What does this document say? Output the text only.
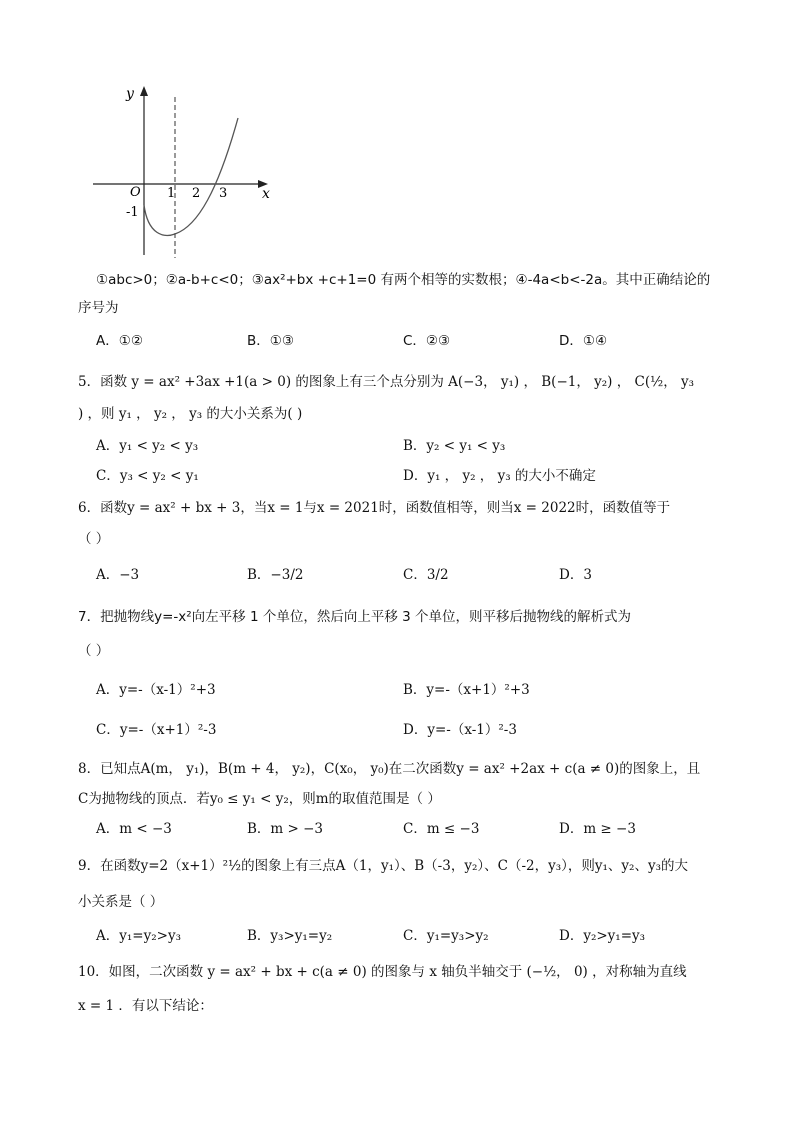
y
x
O 1 2 3
-1
①abc>0；②a-b+c<0；③ax²+bx +c+1=0 有两个相等的实数根；④-4a<b<-2a。其中正确结论的
序号为
A．①②	B．①③	C．②③	D．①④
5．函数 y = ax² +3ax +1(a > 0) 的图象上有三个点分别为 A(−3， y₁) ， B(−1， y₂) ， C(½， y₃
) ，则 y₁ ， y₂ ， y₃ 的大小关系为( )
A．y₁ < y₂ < y₃	B．y₂ < y₁ < y₃
C．y₃ < y₂ < y₁	D．y₁ ， y₂ ， y₃ 的大小不确定
6．函数y = ax² + bx + 3，当x = 1与x = 2021时，函数值相等，则当x = 2022时，函数值等于
（ ）
A．−3	B．−3/2	C．3/2	D．3
7．把抛物线y=-x²向左平移 1 个单位，然后向上平移 3 个单位，则平移后抛物线的解析式为
（ ）
A．y=-（x-1）²+3	B．y=-（x+1）²+3
C．y=-（x+1）²-3	D．y=-（x-1）²-3
8．已知点A(m， y₁)，B(m + 4， y₂)，C(x₀， y₀)在二次函数y = ax² +2ax + c(a ≠ 0)的图象上，且
C为抛物线的顶点．若y₀ ≤ y₁ < y₂，则m的取值范围是（ ）
A．m < −3	B．m > −3	C．m ≤ −3	D．m ≥ −3
9．在函数y=2（x+1）²½的图象上有三点A（1，y₁）、B（-3，y₂）、C（-2，y₃），则y₁、y₂、y₃的大
小关系是（ ）
A．y₁=y₂>y₃	B．y₃>y₁=y₂	C．y₁=y₃>y₂	D．y₂>y₁=y₃
10．如图，二次函数 y = ax² + bx + c(a ≠ 0) 的图象与 x 轴负半轴交于 (−½， 0) ，对称轴为直线
x = 1 ．有以下结论：
